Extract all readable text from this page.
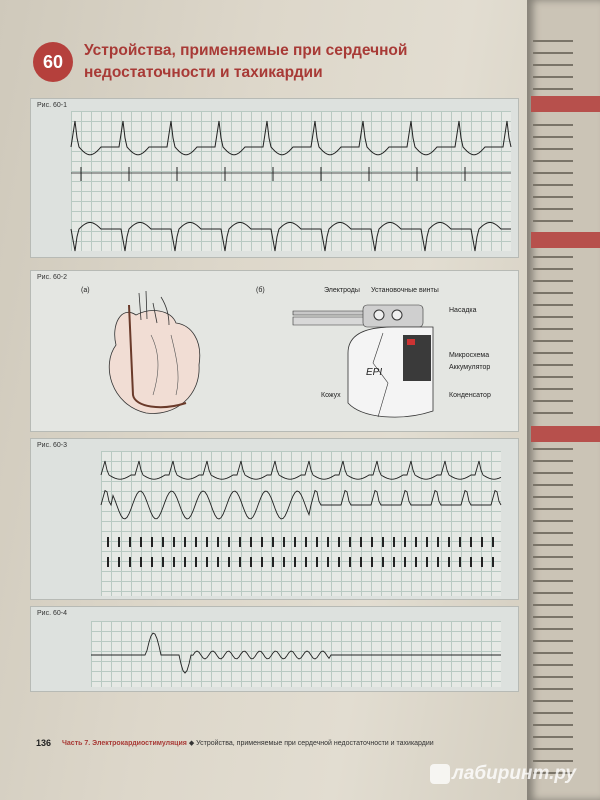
60
Устройства, применяемые при сердечной
недостаточности и тахикардии
Рис. 60-1
Рис. 60-2
(а)	(б)
EPI
Электроды Установочные винты
Насадка
Микросхема
Аккумулятор
Кожух	Конденсатор
Рис. 60-3
Рис. 60-4
136 Часть 7. Электрокардиостимуляция ◆ Устройства, применяемые при сердечной недостаточности и тахикардии
лабиринт.ру
